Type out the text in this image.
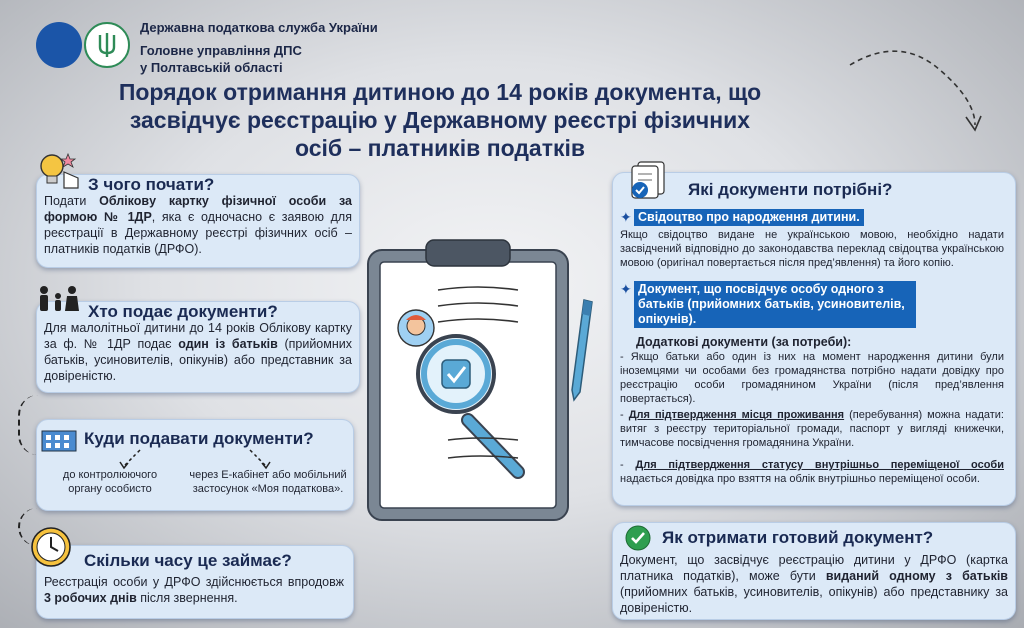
Державна податкова служба України
Головне управління ДПС
у Полтавській області
Порядок отримання дитиною до 14 років документа, що
засвідчує реєстрацію у Державному реєстрі фізичних
осіб – платників податків
З чого почати?
Подати Обліковy картку фізичної особи за формою № 1ДР, яка є одночасно є заявою для реєстрації в Державному реєстрі фізичних осіб – платників податків (ДРФО).
Хто подає документи?
Для малолітньої дитини до 14 років Облікову картку за ф. № 1ДР подає один із батьків (прийомних батьків, усиновителів, опікунів) або представник за довіреністю.
Куди подавати документи?
до контролюючого органу особисто
через Е-кабінет або мобільний застосунок «Моя податкова».
Скільки часу це займає?
Реєстрація особи у ДРФО здійснюється впродовж 3 робочих днів після звернення.
Які документи потрібні?
✦ Свідоцтво про народження дитини.
Якщо свідоцтво видане не українською мовою, необхідно надати засвідчений відповідно до законодавства переклад свідоцтва українською мовою (оригінал повертається після пред’явлення) та його копію.
✦ Документ, що посвідчує особу одного з батьків (прийомних батьків, усиновителів, опікунів).
Додаткові документи (за потреби):
- Якщо батьки або один із них на момент народження дитини були іноземцями чи особами без громадянства потрібно надати довідку про реєстрацію особи громадянином України (після пред’явлення повертається).
- Для підтвердження місця проживання (перебування) можна надати: витяг з реєстру територіальної громади, паспорт у вигляді книжечки, тимчасове посвідчення громадянина України.
- Для підтвердження статусу внутрішньо переміщеної особи надається довідка про взяття на облік внутрішньо переміщеної особи.
Як отримати готовий документ?
Документ, що засвідчує реєстрацію дитини у ДРФО (картка платника податків), може бути виданий одному з батьків (прийомних батьків, усиновителів, опікунів) або представнику за довіреністю.
